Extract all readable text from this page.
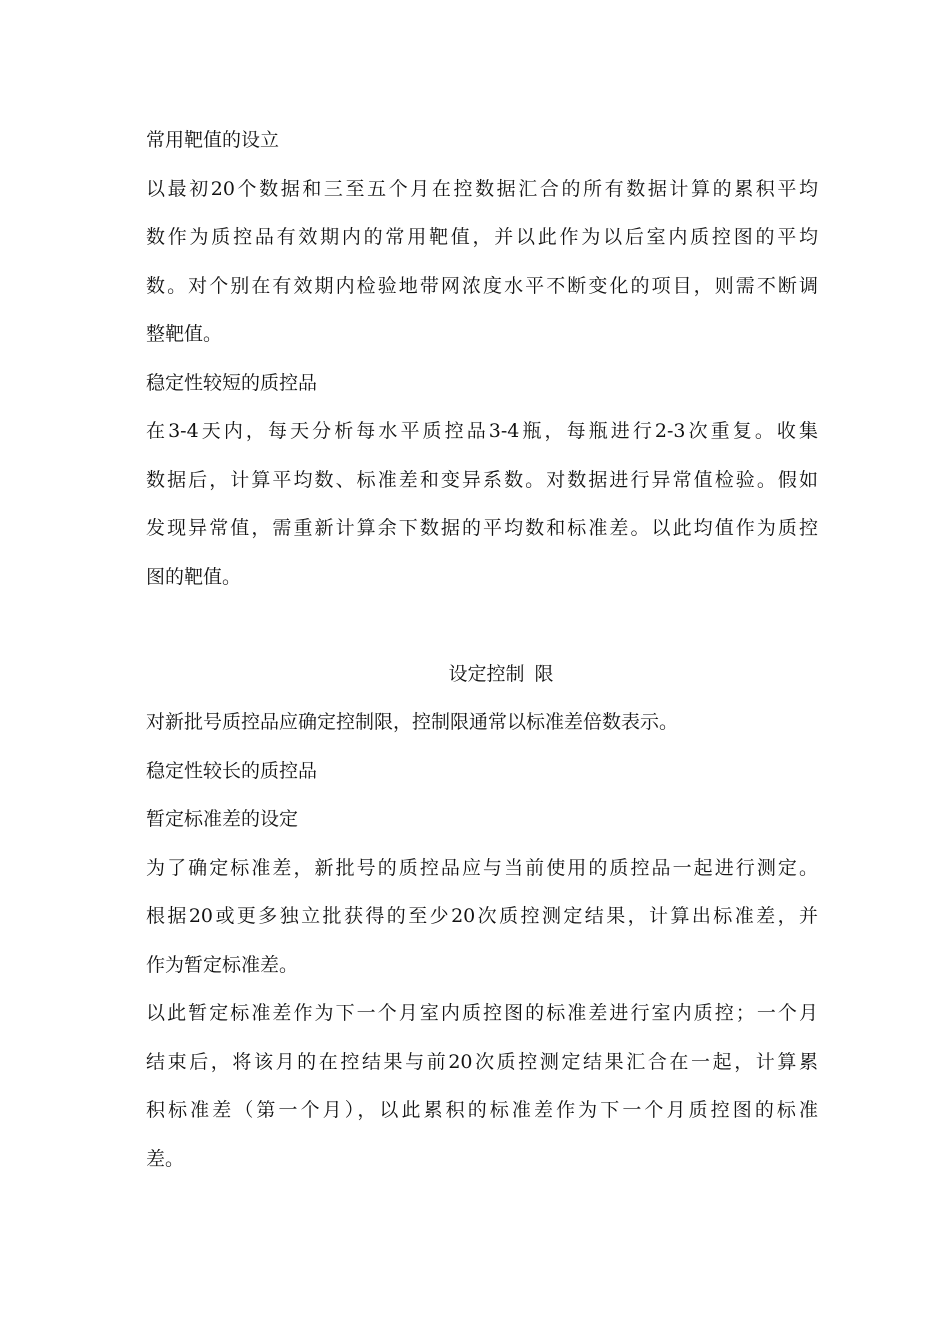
常用靶值的设立

以最初20个数据和三至五个月在控数据汇合的所有数据计算的累积平均

数作为质控品有效期内的常用靶值，并以此作为以后室内质控图的平均

数。对个别在有效期内检验地带网浓度水平不断变化的项目，则需不断调

整靶值。

稳定性较短的质控品

在3-4天内，每天分析每水平质控品3-4瓶，每瓶进行2-3次重复。收集

数据后，计算平均数、标准差和变异系数。对数据进行异常值检验。假如

发现异常值，需重新计算余下数据的平均数和标准差。以此均值作为质控

图的靶值。

设定控制 限

对新批号质控品应确定控制限，控制限通常以标准差倍数表示。

稳定性较长的质控品

暂定标准差的设定

为了确定标准差，新批号的质控品应与当前使用的质控品一起进行测定。

根据20或更多独立批获得的至少20次质控测定结果，计算出标准差，并

作为暂定标准差。

以此暂定标准差作为下一个月室内质控图的标准差进行室内质控；一个月

结束后，将该月的在控结果与前20次质控测定结果汇合在一起，计算累

积标准差（第一个月），以此累积的标准差作为下一个月质控图的标准

差。
